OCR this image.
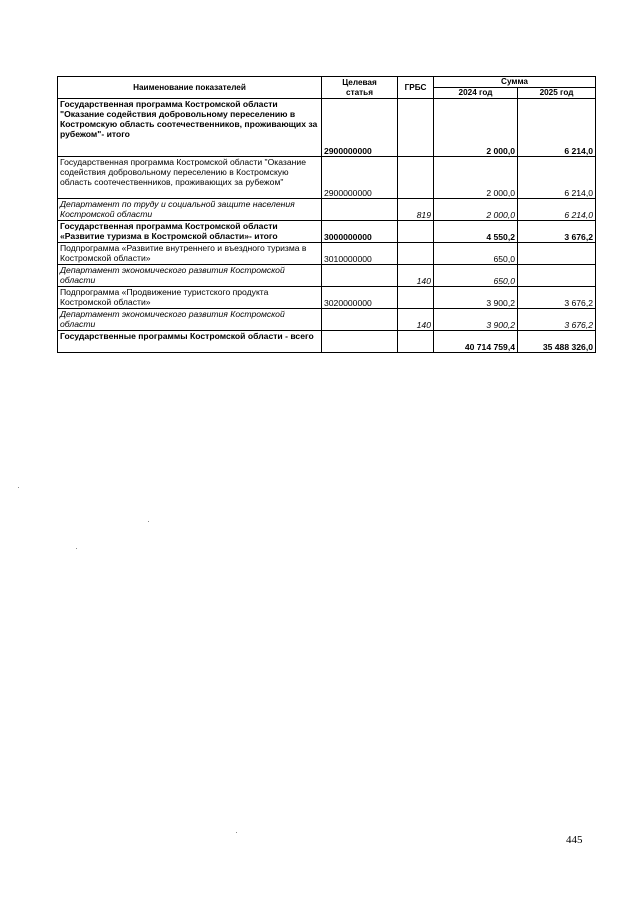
Наименование показателей	Целевая
статья	ГРБС	Сумма	
			2024 год	2025 год
Государственная программа Костромской области "Оказание содействия добровольному переселению в Костромскую область соотечественников, проживающих за рубежом"- итого	2900000000		2 000,0	6 214,0
Государственная программа Костромской области "Оказание содействия добровольному переселению в Костромскую область соотечественников, проживающих за рубежом"	2900000000		2 000,0	6 214,0
Департамент по труду и социальной защите населения Костромской области		819	2 000,0	6 214,0
Государственная программа Костромской области «Развитие туризма в Костромской области»- итого	3000000000		4 550,2	3 676,2
Подпрограмма «Развитие внутреннего и въездного туризма в Костромской области»	3010000000		650,0	
Департамент экономического развития Костромской области		140	650,0	
Подпрограмма «Продвижение туристского продукта Костромской области»	3020000000		3 900,2	3 676,2
Департамент экономического развития Костромской области		140	3 900,2	3 676,2
Государственные программы Костромской области - всего			40 714 759,4	35 488 326,0
445
